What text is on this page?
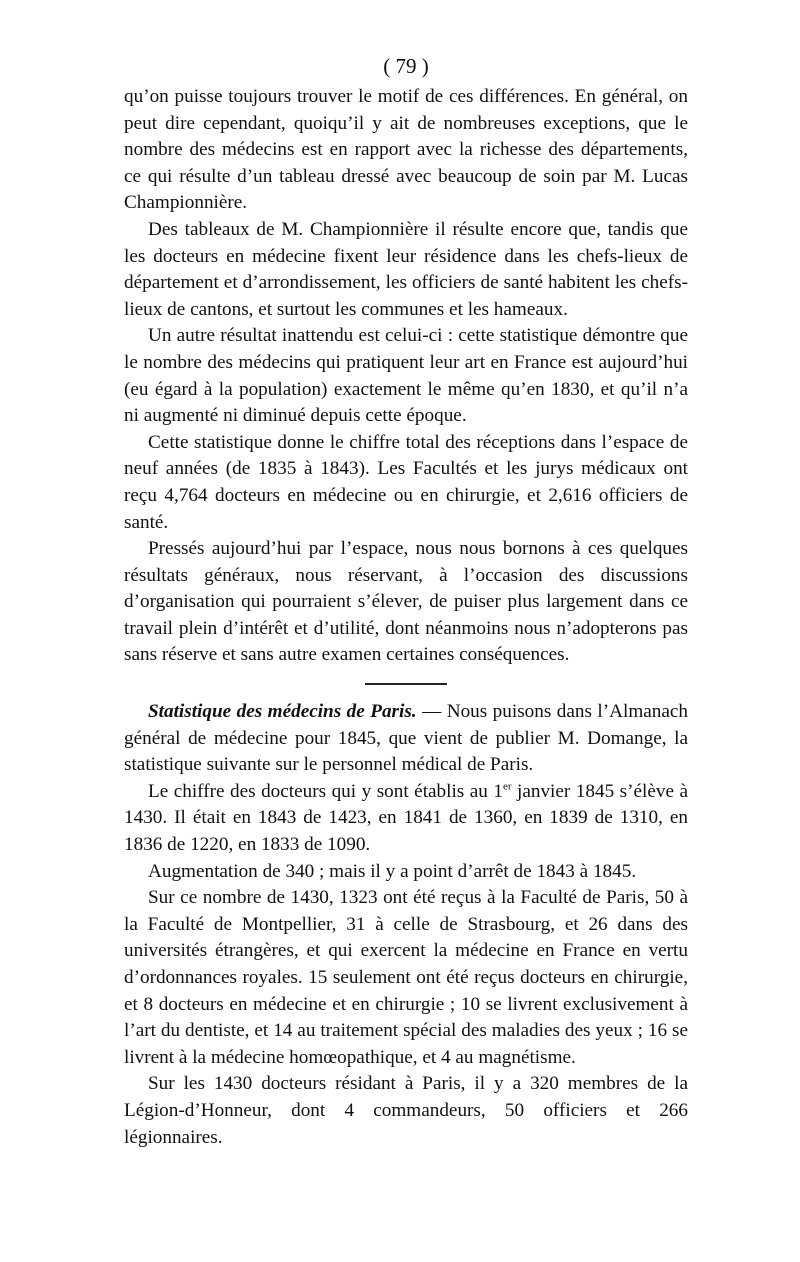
( 79 )

qu’on puisse toujours trouver le motif de ces différences. En général, on peut dire cependant, quoiqu’il y ait de nombreuses exceptions, que le nombre des médecins est en rapport avec la richesse des départements, ce qui résulte d’un tableau dressé avec beaucoup de soin par M. Lucas Championnière.

Des tableaux de M. Championnière il résulte encore que, tandis que les docteurs en médecine fixent leur résidence dans les chefs-lieux de département et d’arrondissement, les officiers de santé habitent les chefs-lieux de cantons, et surtout les communes et les hameaux.

Un autre résultat inattendu est celui-ci : cette statistique démontre que le nombre des médecins qui pratiquent leur art en France est aujourd’hui (eu égard à la population) exactement le même qu’en 1830, et qu’il n’a ni augmenté ni diminué depuis cette époque.

Cette statistique donne le chiffre total des réceptions dans l’espace de neuf années (de 1835 à 1843). Les Facultés et les jurys médicaux ont reçu 4,764 docteurs en médecine ou en chirurgie, et 2,616 officiers de santé.

Pressés aujourd’hui par l’espace, nous nous bornons à ces quelques résultats généraux, nous réservant, à l’occasion des discussions d’organisation qui pourraient s’élever, de puiser plus largement dans ce travail plein d’intérêt et d’utilité, dont néanmoins nous n’adopterons pas sans réserve et sans autre examen certaines conséquences.

Statistique des médecins de Paris. — Nous puisons dans l’Almanach général de médecine pour 1845, que vient de publier M. Domange, la statistique suivante sur le personnel médical de Paris.

Le chiffre des docteurs qui y sont établis au 1er janvier 1845 s’élève à 1430. Il était en 1843 de 1423, en 1841 de 1360, en 1839 de 1310, en 1836 de 1220, en 1833 de 1090.

Augmentation de 340 ; mais il y a point d’arrêt de 1843 à 1845.

Sur ce nombre de 1430, 1323 ont été reçus à la Faculté de Paris, 50 à la Faculté de Montpellier, 31 à celle de Strasbourg, et 26 dans des universités étrangères, et qui exercent la médecine en France en vertu d’ordonnances royales. 15 seulement ont été reçus docteurs en chirurgie, et 8 docteurs en médecine et en chirurgie ; 10 se livrent exclusivement à l’art du dentiste, et 14 au traitement spécial des maladies des yeux ; 16 se livrent à la médecine homœopathique, et 4 au magnétisme.

Sur les 1430 docteurs résidant à Paris, il y a 320 membres de la Légion-d’Honneur, dont 4 commandeurs, 50 officiers et 266 légionnaires.
